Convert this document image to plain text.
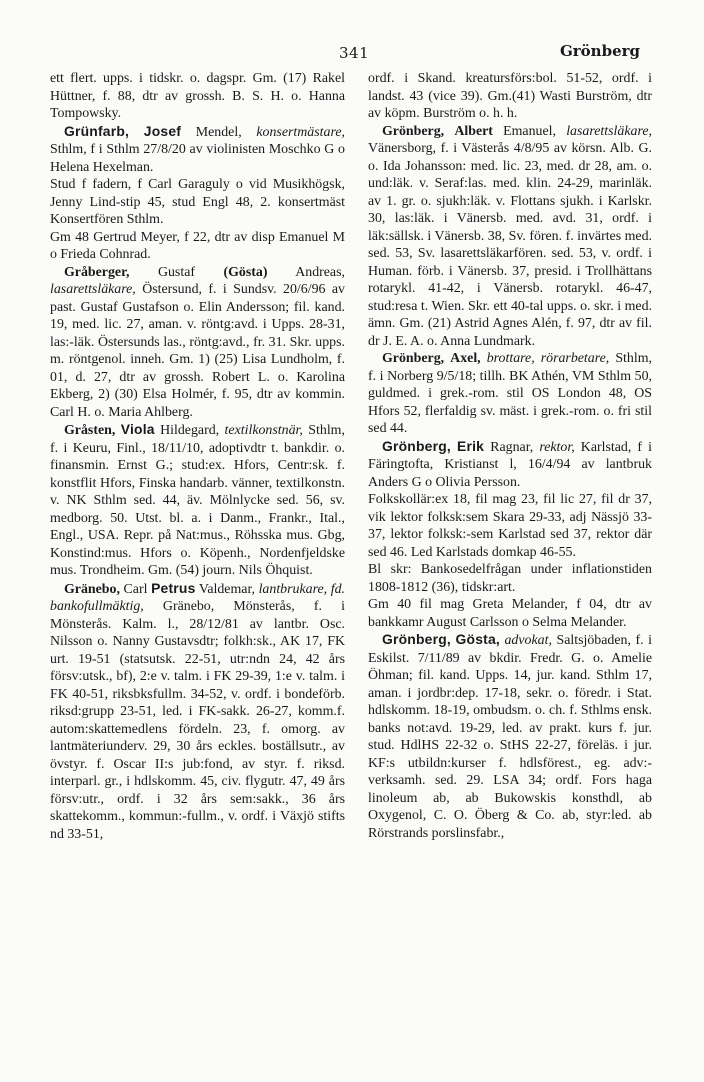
341	Grönberg

ett flert. upps. i tidskr. o. dagspr. Gm. (17) Rakel Hüttner, f. 88, dtr av grossh. B. S. H. o. Hanna Tompowsky.

Grünfarb, Josef Mendel, konsertmästare, Sthlm, f i Sthlm 27/8/20 av violinisten Moschko G o Helena Hexelman.

Stud f fadern, f Carl Garaguly o vid Musikhögsk, Jenny Lind-stip 45, stud Engl 48, 2. konsertmäst Konsertfören Sthlm.

Gm 48 Gertrud Meyer, f 22, dtr av disp Emanuel M o Frieda Cohnrad.

Gråberger, Gustaf (Gösta) Andreas, lasarettsläkare, Östersund, f. i Sundsv. 20/6/96 av past. Gustaf Gustafson o. Elin Andersson; fil. kand. 19, med. lic. 27, aman. v. röntg:avd. i Upps. 28-31, las:-läk. Östersunds las., röntg:avd., fr. 31. Skr. upps. m. röntgenol. inneh. Gm. 1) (25) Lisa Lundholm, f. 01, d. 27, dtr av grossh. Robert L. o. Karolina Ekberg, 2) (30) Elsa Holmér, f. 95, dtr av kommin. Carl H. o. Maria Ahlberg.

Gråsten, Viola Hildegard, textilkonstnär, Sthlm, f. i Keuru, Finl., 18/11/10, adoptivdtr t. bankdir. o. finansmin. Ernst G.; stud:ex. Hfors, Centr:sk. f. konstflit Hfors, Finska handarb. vänner, textilkonstn. v. NK Sthlm sed. 44, äv. Mölnlycke sed. 56, sv. medborg. 50. Utst. bl. a. i Danm., Frankr., Ital., Engl., USA. Repr. på Nat:mus., Röhsska mus. Gbg, Konstind:mus. Hfors o. Köpenh., Nordenfjeldske mus. Trondheim. Gm. (54) journ. Nils Öhquist.

Gränebo, Carl Petrus Valdemar, lantbrukare, fd. bankofullmäktig, Gränebo, Mönsterås, f. i Mönsterås. Kalm. l., 28/12/81 av lantbr. Osc. Nilsson o. Nanny Gustavsdtr; folkh:sk., AK 17, FK urt. 19-51 (statsutsk. 22-51, utr:ndn 24, 42 års försv:utsk., bf), 2:e v. talm. i FK 29-39, 1:e v. talm. i FK 40-51, riksbksfullm. 34-52, v. ordf. i bondeförb. riksd:grupp 23-51, led. i FK-sakk. 26-27, komm.f. autom:skattemedlens fördeln. 23, f. omorg. av lantmäteriunderv. 29, 30 års eckles. boställsutr., av övstyr. f. Oscar II:s jub:fond, av styr. f. riksd. interparl. gr., i hdlskomm. 45, civ. flygutr. 47, 49 års försv:utr., ordf. i 32 års sem:sakk., 36 års skattekomm., kommun:-fullm., v. ordf. i Växjö stifts nd 33-51,

ordf. i Skand. kreatursförs:bol. 51-52, ordf. i landst. 43 (vice 39). Gm.(41) Wasti Burström, dtr av köpm. Burström o. h. h.

Grönberg, Albert Emanuel, lasarettsläkare, Vänersborg, f. i Västerås 4/8/95 av körsn. Alb. G. o. Ida Johansson: med. lic. 23, med. dr 28, am. o. und:läk. v. Seraf:las. med. klin. 24-29, marinläk. av 1. gr. o. sjukh:läk. v. Flottans sjukh. i Karlskr. 30, las:läk. i Vänersb. med. avd. 31, ordf. i läk:sällsk. i Vänersb. 38, Sv. fören. f. invärtes med. sed. 53, Sv. lasarettsläkarfören. sed. 53, v. ordf. i Human. förb. i Vänersb. 37, presid. i Trollhättans rotarykl. 41-42, i Vänersb. rotarykl. 46-47, stud:resa t. Wien. Skr. ett 40-tal upps. o. skr. i med. ämn. Gm. (21) Astrid Agnes Alén, f. 97, dtr av fil. dr J. E. A. o. Anna Lundmark.

Grönberg, Axel, brottare, rörarbetare, Sthlm, f. i Norberg 9/5/18; tillh. BK Athén, VM Sthlm 50, guldmed. i grek.-rom. stil OS London 48, OS Hfors 52, flerfaldig sv. mäst. i grek.-rom. o. fri stil sed 44.

Grönberg, Erik Ragnar, rektor, Karlstad, f i Färingtofta, Kristianst l, 16/4/94 av lantbruk Anders G o Olivia Persson.

Folkskollär:ex 18, fil mag 23, fil lic 27, fil dr 37, vik lektor folksk:sem Skara 29-33, adj Nässjö 33-37, lektor folksk:-sem Karlstad sed 37, rektor där sed 46. Led Karlstads domkap 46-55.

Bl skr: Bankosedelfrågan under inflationstiden 1808-1812 (36), tidskr:art.

Gm 40 fil mag Greta Melander, f 04, dtr av bankkamr August Carlsson o Selma Melander.

Grönberg, Gösta, advokat, Saltsjöbaden, f. i Eskilst. 7/11/89 av bkdir. Fredr. G. o. Amelie Öhman; fil. kand. Upps. 14, jur. kand. Sthlm 17, aman. i jordbr:dep. 17-18, sekr. o. föredr. i Stat. hdlskomm. 18-19, ombudsm. o. ch. f. Sthlms ensk. banks not:avd. 19-29, led. av prakt. kurs f. jur. stud. HdlHS 22-32 o. StHS 22-27, föreläs. i jur. KF:s utbildn:kurser f. hdlsförest., eg. adv:-verksamh. sed. 29. LSA 34; ordf. Fors haga linoleum ab, ab Bukowskis konsthdl, ab Oxygenol, C. O. Öberg & Co. ab, styr:led. ab Rörstrands porslinsfabr.,
